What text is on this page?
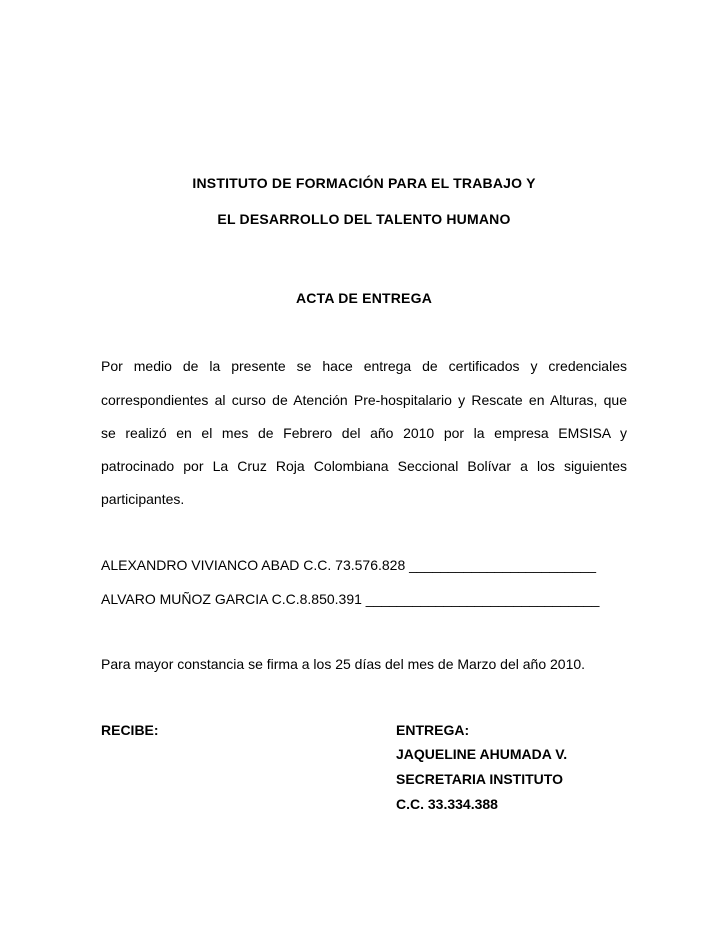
INSTITUTO DE FORMACIÓN PARA EL TRABAJO Y
EL DESARROLLO DEL TALENTO HUMANO
ACTA DE ENTREGA
Por medio de la presente se hace entrega de certificados y credenciales
correspondientes al curso de Atención Pre-hospitalario y Rescate en Alturas, que
se realizó en el mes de Febrero del año 2010 por la empresa EMSISA y
patrocinado por La Cruz Roja Colombiana Seccional Bolívar a los siguientes
participantes.
ALEXANDRO VIVIANCO ABAD C.C. 73.576.828 ________________________
ALVARO MUÑOZ GARCIA C.C.8.850.391 ______________________________
Para mayor constancia se firma a los 25 días del mes de Marzo del año 2010.
RECIBE:	ENTREGA:
JAQUELINE AHUMADA V.
SECRETARIA INSTITUTO
C.C. 33.334.388
